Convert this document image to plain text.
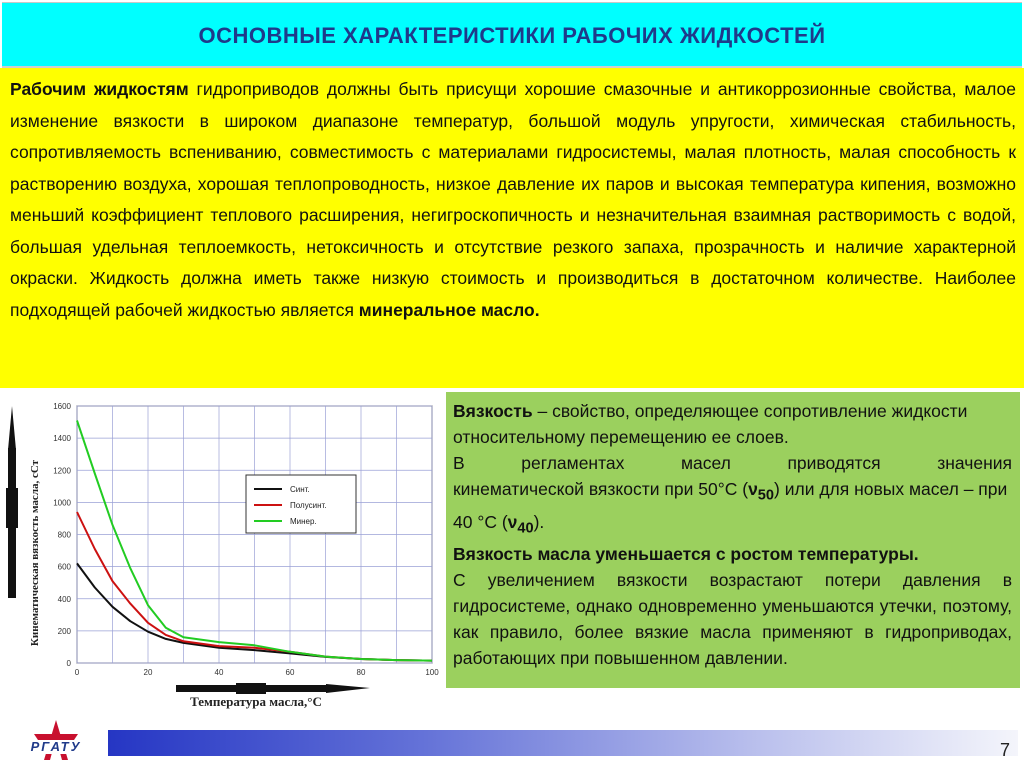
ОСНОВНЫЕ ХАРАКТЕРИСТИКИ РАБОЧИХ ЖИДКОСТЕЙ
Рабочим жидкостям гидроприводов должны быть присущи хорошие смазочные и антикоррозионные свойства, малое изменение вязкости в широком диапазоне температур, большой модуль упругости, химическая стабильность, сопротивляемость вспениванию, совместимость с материалами гидросистемы, малая плотность, малая способность к растворению воздуха, хорошая теплопроводность, низкое давление их паров и высокая температура кипения, возможно меньший коэффициент теплового расширения, негигроскопичность и незначительная взаимная растворимость с водой, большая удельная теплоемкость, нетоксичность и отсутствие резкого запаха, прозрачность и наличие характерной окраски. Жидкость должна иметь также низкую стоимость и производиться в достаточном количестве. Наиболее подходящей рабочей жидкостью является минеральное масло.
0
200
400
600
800
1000
1200
1400
1600
0	20	40	60	80	100
Синт.
Полусинт.
Минер.
Кинематическая вязкость масла, сСт
Температура масла,°С

Вязкость – свойство, определяющее сопротивление жидкости относительному перемещению ее слоев.

В регламентах масел приводятся значения

кинематической вязкости при 50°С $(\nu_{50})$ или для новых масел – при 40 °С $(\nu_{40})$.

Вязкость масла уменьшается с ростом температуры.

С увеличением вязкости возрастают потери давления в гидросистеме, однако одновременно уменьшаются утечки, поэтому, как правило, более вязкие масла применяют в гидроприводах, работающих при повышенном давлении.

РГАТУ	7
